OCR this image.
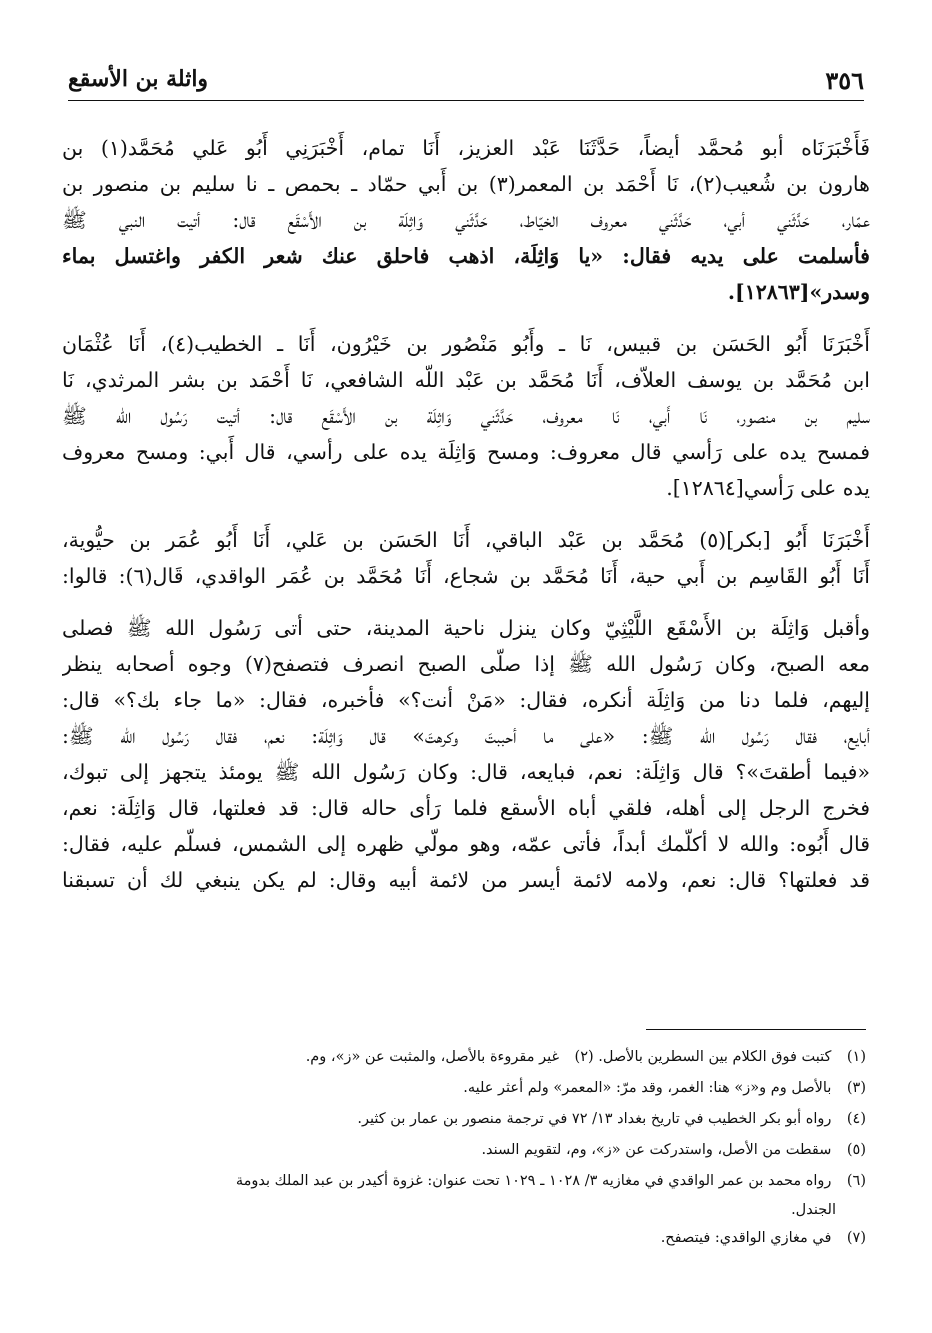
٣٥٦
واثلة بن الأسقع
فَأَخْبَرَنَاه أبو مُحمَّد أيضاً، حَدَّثَنَا عَبْد العزيز، أَنَا تمام، أَخْبَرَنِي أَبُو عَلي مُحَمَّد(١) بن
هارون بن شُعيب(٢)، نَا أَحْمَد بن المعمر(٣) بن أَبي حمّاد ـ بحمص ـ نا سليم بن منصور بن
عمّار، حَدَّثَني أبي، حَدَّثَني معروف الخيّاط، حَدَّثَني وَاثِلَة بن الأَسْقَع قال: أتيت النبي ﷺ
فأسلمت على يديه فقال: «يا وَاثِلَة، اذهب فاحلق عنك شعر الكفر واغتسل بماء
وسدر»[١٢٨٦٣].
أَخْبَرَنَا أَبُو الحَسَن بن قبيس، نَا ـ وأَبُو مَنْصُور بن خَيْرُون، أَنَا ـ الخطيب(٤)، أَنَا عُثْمَان
ابن مُحَمَّد بن يوسف العلاّف، أَنَا مُحَمَّد بن عَبْد اللّه الشافعي، نَا أَحْمَد بن بشر المرثدي، نَا
سليم بن منصور، نَا أَبي، نَا معروف، حَدَّثَني وَاثِلَة بن الأَسْقَع قال: أتيت رَسُول الله ﷺ
فمسح يده على رَأسي قال معروف: ومسح وَاثِلَة يده على رأسي، قال أَبي: ومسح معروف
يده على رَأسي[١٢٨٦٤].
أَخْبَرَنَا أَبُو [بكر](٥) مُحَمَّد بن عَبْد الباقي، أَنَا الحَسَن بن عَلي، أَنَا أَبُو عُمَر بن حيُّوية،
أَنَا أَبُو القَاسِم بن أَبي حية، أَنَا مُحَمَّد بن شجاع، أَنَا مُحَمَّد بن عُمَر الواقدي، قَال(٦): قالوا:
وأقبل وَاثِلَة بن الأَسْقَع اللَّيْثِيّ وكان ينزل ناحية المدينة، حتى أتى رَسُول الله ﷺ فصلى
معه الصبح، وكان رَسُول الله ﷺ إذا صلّى الصبح انصرف فتصفح(٧) وجوه أصحابه ينظر
إليهم، فلما دنا من وَاثِلَة أنكره، فقال: «مَنْ أنت؟» فأخبره، فقال: «ما جاء بك؟» قال:
أبايع، فقال رَسُول الله ﷺ: «على ما أحببتَ وكرهتَ» قال وَاثِلَة: نعم، فقال رَسُول الله ﷺ:
«فيما أطقتَ»؟ قال وَاثِلَة: نعم، فبايعه، قال: وكان رَسُول الله ﷺ يومئذ يتجهز إلى تبوك،
فخرج الرجل إلى أهله، فلقي أباه الأسقع فلما رَأى حاله قال: قد فعلتها، قال وَاثِلَة: نعم،
قال أَبُوه: والله لا أكلّمك أبداً، فأتى عمّه، وهو مولّي ظهره إلى الشمس، فسلّم عليه، فقال:
قد فعلتها؟ قال: نعم، ولامه لائمة أيسر من لائمة أبيه وقال: لم يكن ينبغي لك أن تسبقنا
(١) كتبت فوق الكلام بين السطرين بالأصل. (٢) غير مقروءة بالأصل، والمثبت عن «ز»، وم.
(٣) بالأصل وم و«ز» هنا: الغمر، وقد مرّ: «المعمر» ولم أعثر عليه.
(٤) رواه أبو بكر الخطيب في تاريخ بغداد ١٣/ ٧٢ في ترجمة منصور بن عمار بن كثير.
(٥) سقطت من الأصل، واستدركت عن «ز»، وم، لتقويم السند.
(٦) رواه محمد بن عمر الواقدي في مغازيه ٣/ ١٠٢٨ ـ ١٠٢٩ تحت عنوان: غزوة أكيدر بن عبد الملك بدومة
الجندل.
(٧) في مغازي الواقدي: فيتصفح.
